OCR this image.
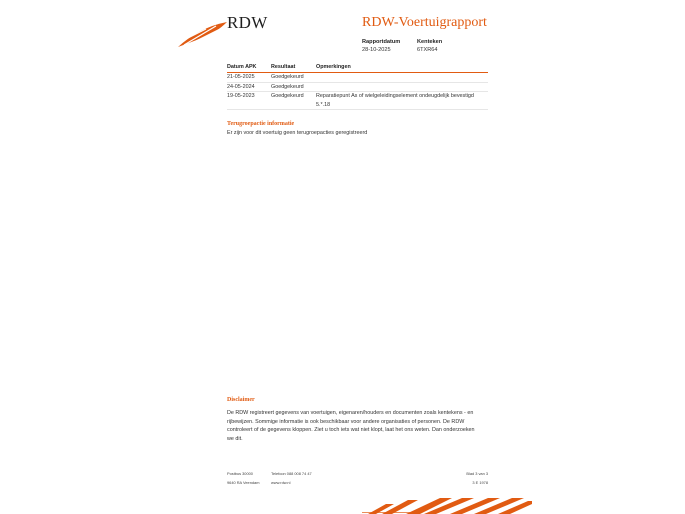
RDW	RDW-Voertuigrapport
Rapportdatum
28-10-2025
Kenteken
6TXR64
Datum APK	Resultaat	Opmerkingen
21-05-2025	Goedgekeurd	
24-05-2024	Goedgekeurd	
19-05-2023	Goedgekeurd	Reparatiepunt As of wielgeleidingselement ondeugdelijk bevestigd 5.*.18
Terugroepactie informatie
Er zijn voor dit voertuig geen terugroepacties geregistreerd
Disclaimer
De RDW registreert gegevens van voertuigen, eigenaren/houders en documenten zoals kentekens - en rijbewijzen. Sommige informatie is ook beschikbaar voor andere organisaties of personen. De RDW controleert of de gegevens kloppen. Ziet u toch iets wat niet klopt, laat het ons weten. Dan onderzoeken we dit.
Postbus 30000
9640 RA Veendam
Telefoon 088 008 74 47
www.rdw.nl
Blad 3 van 3
3 E 1978
